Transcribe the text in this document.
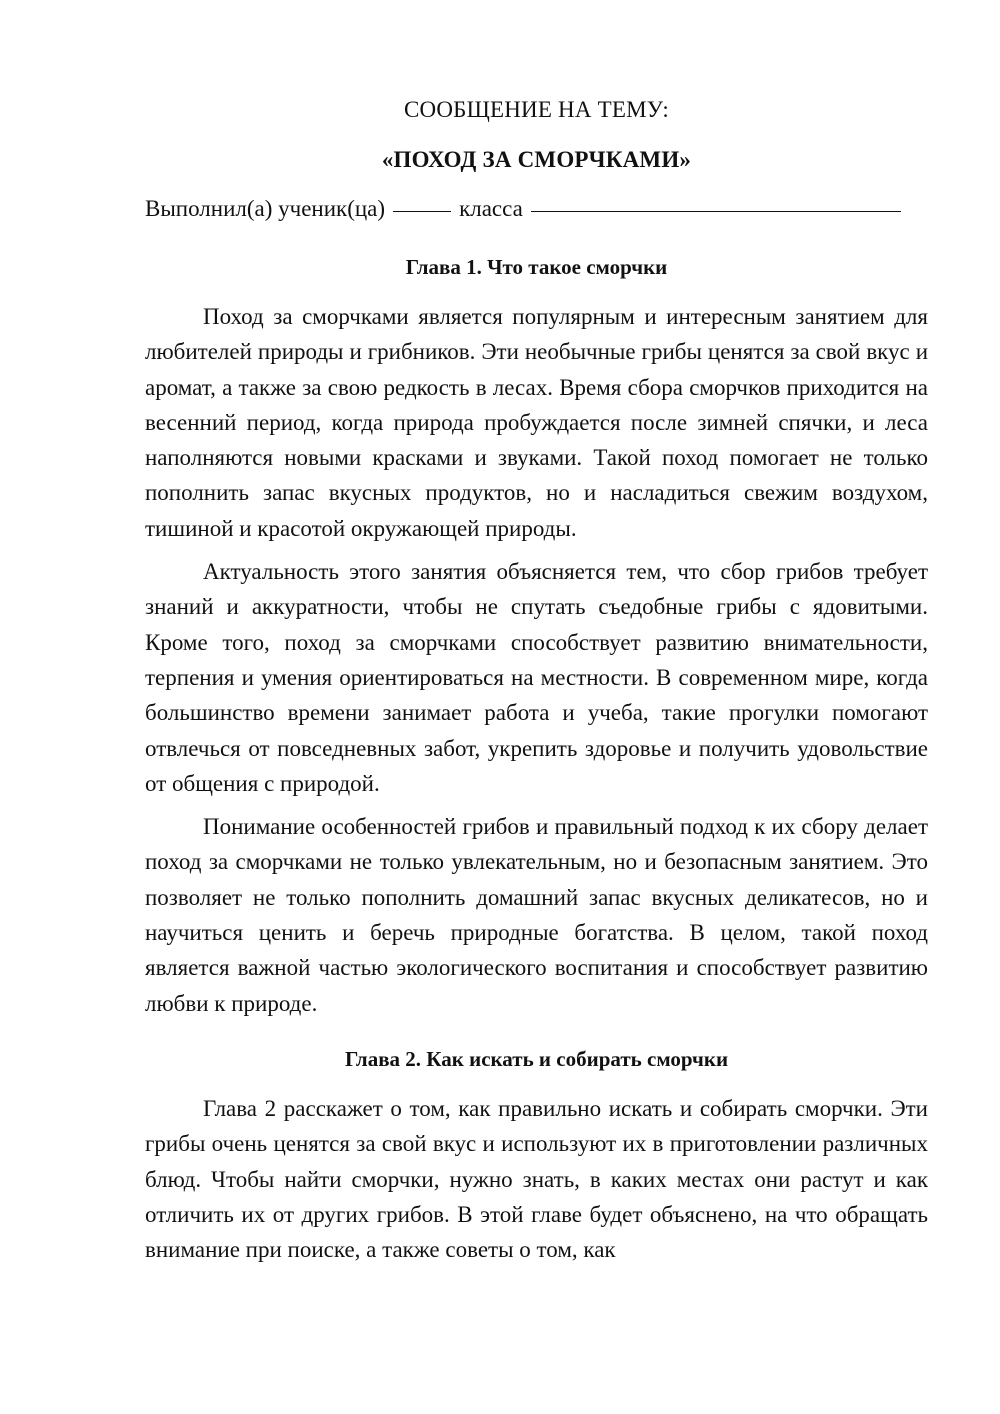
СООБЩЕНИЕ НА ТЕМУ:

«ПОХОД ЗА СМОРЧКАМИ»

Выполнил(а) ученик(ца)	класса
Глава 1. Что такое сморчки

Поход за сморчками является популярным и интересным занятием для любителей природы и грибников. Эти необычные грибы ценятся за свой вкус и аромат, а также за свою редкость в лесах. Время сбора сморчков приходится на весенний период, когда природа пробуждается после зимней спячки, и леса наполняются новыми красками и звуками. Такой поход помогает не только пополнить запас вкусных продуктов, но и насладиться свежим воздухом, тишиной и красотой окружающей природы.

Актуальность этого занятия объясняется тем, что сбор грибов требует знаний и аккуратности, чтобы не спутать съедобные грибы с ядовитыми. Кроме того, поход за сморчками способствует развитию внимательности, терпения и умения ориентироваться на местности. В современном мире, когда большинство времени занимает работа и учеба, такие прогулки помогают отвлечься от повседневных забот, укрепить здоровье и получить удовольствие от общения с природой.

Понимание особенностей грибов и правильный подход к их сбору делает поход за сморчками не только увлекательным, но и безопасным занятием. Это позволяет не только пополнить домашний запас вкусных деликатесов, но и научиться ценить и беречь природные богатства. В целом, такой поход является важной частью экологического воспитания и способствует развитию любви к природе.

Глава 2. Как искать и собирать сморчки

Глава 2 расскажет о том, как правильно искать и собирать сморчки. Эти грибы очень ценятся за свой вкус и используют их в приготовлении различных блюд. Чтобы найти сморчки, нужно знать, в каких местах они растут и как отличить их от других грибов. В этой главе будет объяснено, на что обращать внимание при поиске, а также советы о том, как
